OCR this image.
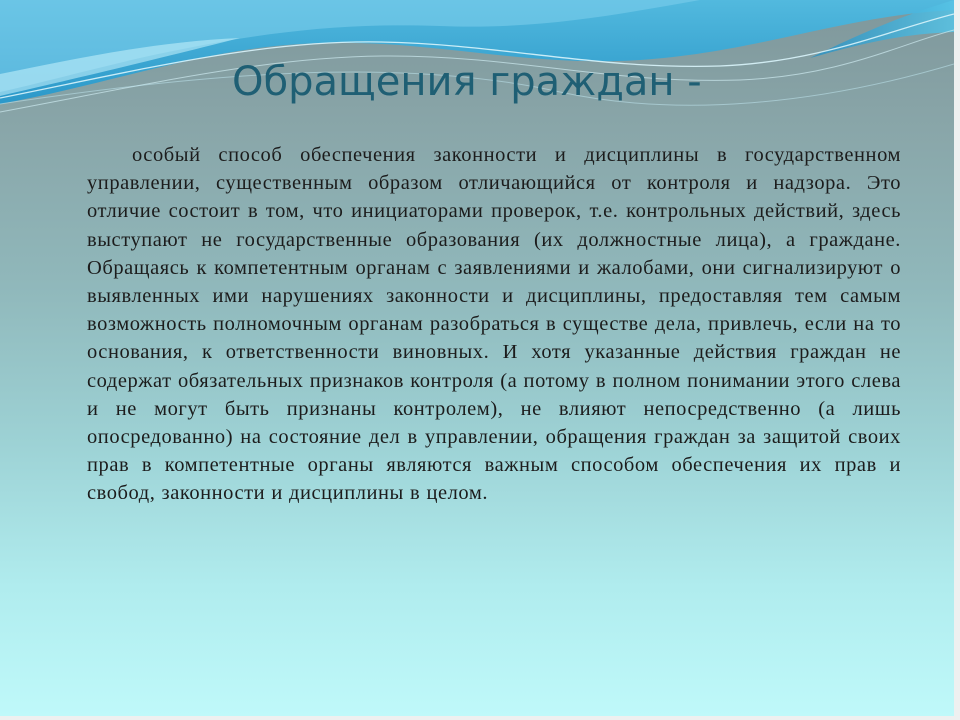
Обращения граждан -

особый способ обеспечения законности и дисциплины в государственном управлении, существенным образом отличающийся от контроля и надзора. Это отличие состоит в том, что инициаторами проверок, т.е. контрольных действий, здесь выступают не государственные образования (их должностные лица), а граждане. Обращаясь к компетентным органам с заявлениями и жалобами, они сигнализируют о выявленных ими нарушениях законности и дисциплины, предоставляя тем самым возможность полномочным органам разобраться в существе дела, привлечь, если на то основания, к ответственности виновных. И хотя указанные действия граждан не содержат обязательных признаков контроля (а потому в полном понимании этого слева и не могут быть признаны контролем), не влияют непосредственно (а лишь опосредованно) на состояние дел в управлении, обращения граждан за защитой своих прав в компетентные органы являются важным способом обеспечения их прав и свобод, законности и дисциплины в целом.
